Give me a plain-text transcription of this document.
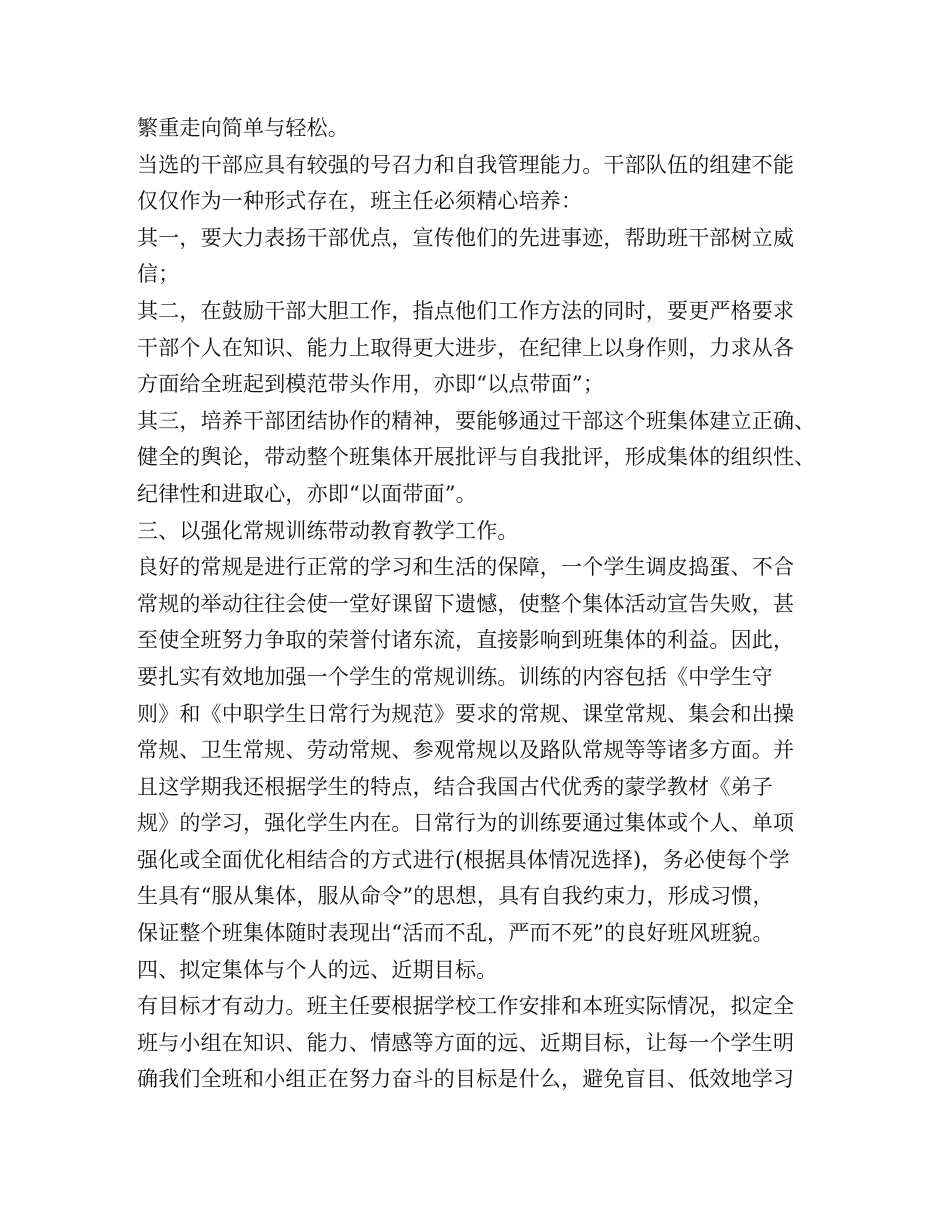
繁重走向简单与轻松。
当选的干部应具有较强的号召力和自我管理能力。干部队伍的组建不能
仅仅作为一种形式存在，班主任必须精心培养：
其一，要大力表扬干部优点，宣传他们的先进事迹，帮助班干部树立威
信；
其二，在鼓励干部大胆工作，指点他们工作方法的同时，要更严格要求
干部个人在知识、能力上取得更大进步，在纪律上以身作则，力求从各
方面给全班起到模范带头作用，亦即“以点带面”；
其三，培养干部团结协作的精神，要能够通过干部这个班集体建立正确、
健全的舆论，带动整个班集体开展批评与自我批评，形成集体的组织性、
纪律性和进取心，亦即“以面带面”。
三、以强化常规训练带动教育教学工作。
良好的常规是进行正常的学习和生活的保障，一个学生调皮捣蛋、不合
常规的举动往往会使一堂好课留下遗憾，使整个集体活动宣告失败，甚
至使全班努力争取的荣誉付诸东流，直接影响到班集体的利益。因此，
要扎实有效地加强一个学生的常规训练。训练的内容包括《中学生守
则》和《中职学生日常行为规范》要求的常规、课堂常规、集会和出操
常规、卫生常规、劳动常规、参观常规以及路队常规等等诸多方面。并
且这学期我还根据学生的特点，结合我国古代优秀的蒙学教材《弟子
规》的学习，强化学生内在。日常行为的训练要通过集体或个人、单项
强化或全面优化相结合的方式进行(根据具体情况选择)，务必使每个学
生具有“服从集体，服从命令”的思想，具有自我约束力，形成习惯，
保证整个班集体随时表现出“活而不乱，严而不死”的良好班风班貌。
四、拟定集体与个人的远、近期目标。
有目标才有动力。班主任要根据学校工作安排和本班实际情况，拟定全
班与小组在知识、能力、情感等方面的远、近期目标，让每一个学生明
确我们全班和小组正在努力奋斗的目标是什么，避免盲目、低效地学习
